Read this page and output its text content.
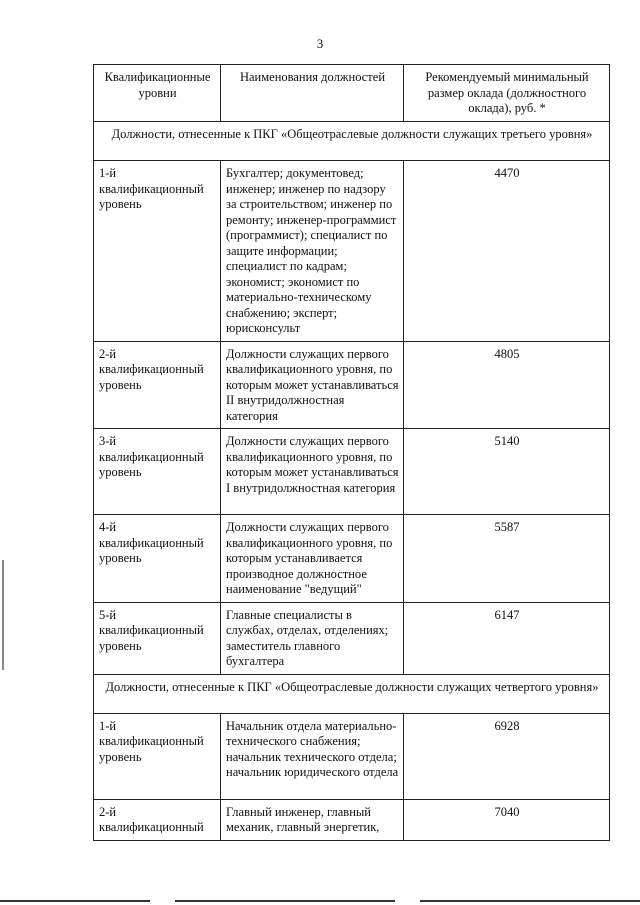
3
Квалификационные уровни	Наименования должностей	Рекомендуемый минимальный размер оклада (должностного оклада), руб. *
Должности, отнесенные к ПКГ «Общеотраслевые должности служащих третьего уровня»		
1-й квалификационный уровень	Бухгалтер; документовед; инженер; инженер по надзору за строительством; инженер по ремонту; инженер-программист (программист); специалист по защите информации; специалист по кадрам; экономист; экономист по материально-техническому снабжению; эксперт; юрисконсульт	4470
2-й квалификационный уровень	Должности служащих первого квалификационного уровня, по которым может устанавливаться II внутридолжностная категория	4805
3-й квалификационный уровень	Должности служащих первого квалификационного уровня, по которым может устанавливаться I внутридолжностная категория	5140
4-й квалификационный уровень	Должности служащих первого квалификационного уровня, по которым устанавливается производное должностное наименование "ведущий"	5587
5-й квалификационный уровень	Главные специалисты в службах, отделах, отделениях; заместитель главного бухгалтера	6147
Должности, отнесенные к ПКГ «Общеотраслевые должности служащих четвертого уровня»		
1-й квалификационный уровень	Начальник отдела материально-технического снабжения; начальник технического отдела; начальник юридического отдела	6928
2-й квалификационный	Главный инженер, главный механик, главный энергетик,	7040
